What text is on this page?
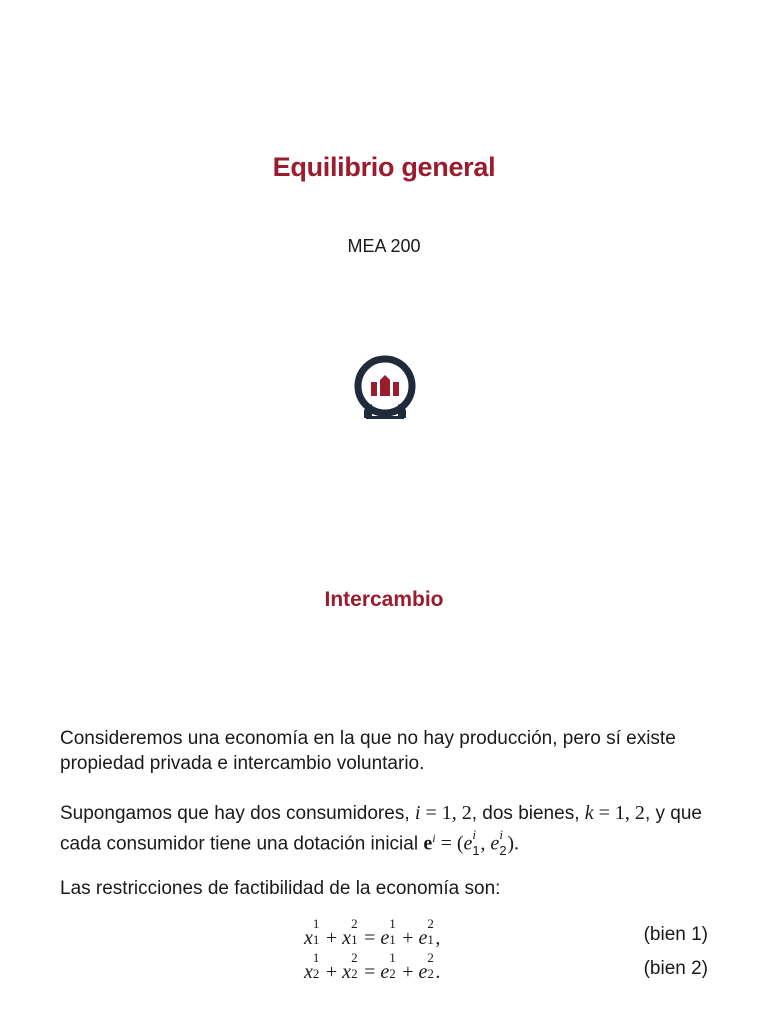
Equilibrio general
MEA 200
Intercambio

Consideremos una economía en la que no hay producción, pero sí existe propiedad privada e intercambio voluntario.

Supongamos que hay dos consumidores, i = 1, 2, dos bienes, k = 1, 2, y que cada consumidor tiene una dotación inicial $e^i = (e$ i
1 , e i
2 ).

Las restricciones de factibilidad de la economía son:

x
1
1 + x
2
1 = e
1
1 + e
2
1 ,	(bien 1)
x
1
2 + x
2
2 = e
1
2 + e
2
2 .	(bien 2)
